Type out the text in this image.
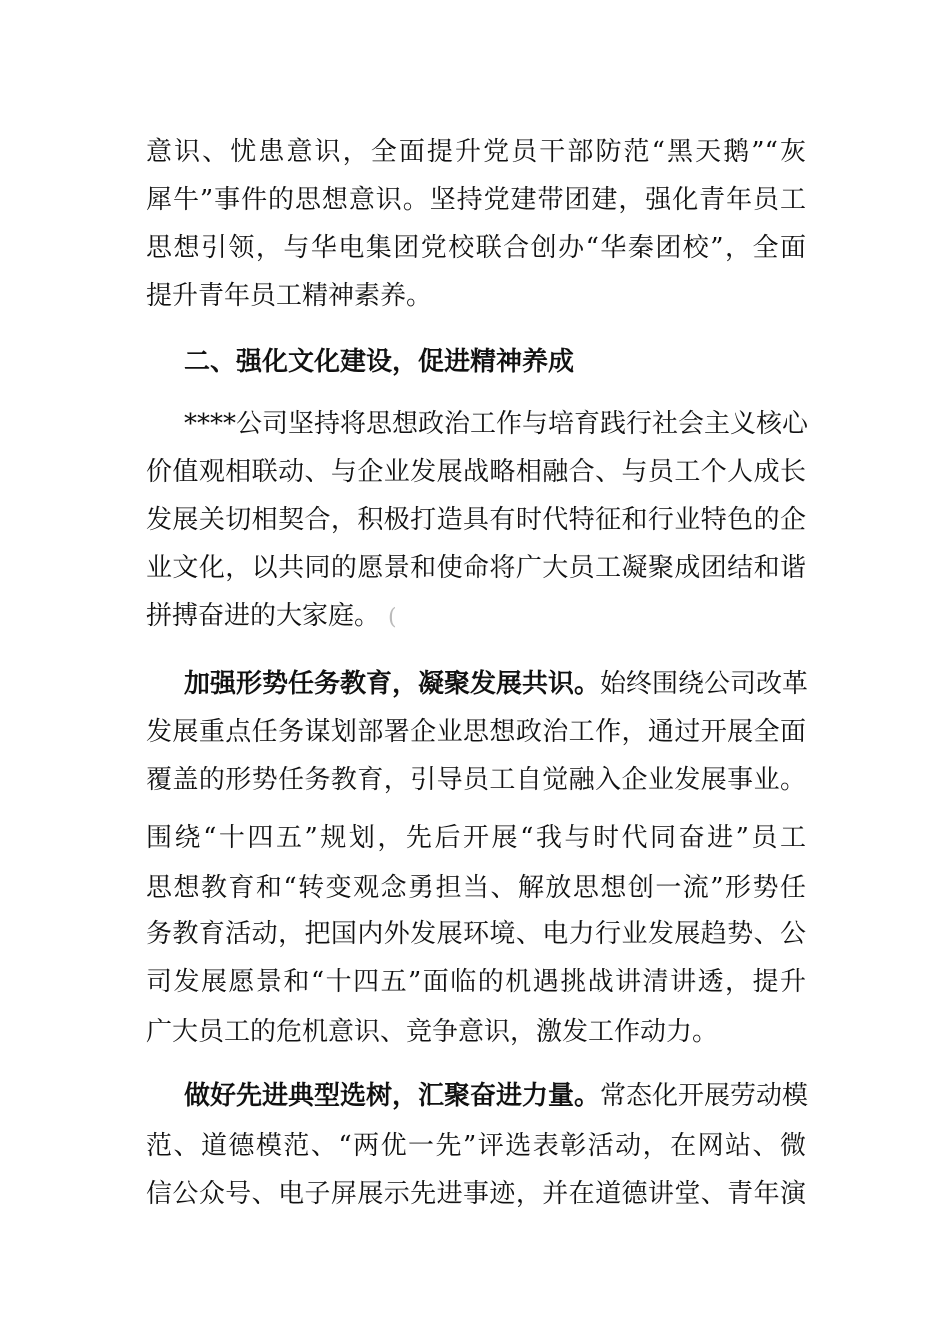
意识、忧患意识，全面提升党员干部防范“黑天鹅”“灰
犀牛”事件的思想意识。坚持党建带团建，强化青年员工
思想引领，与华电集团党校联合创办“华秦团校”，全面
提升青年员工精神素养。
二、强化文化建设，促进精神养成
****公司坚持将思想政治工作与培育践行社会主义核心
价值观相联动、与企业发展战略相融合、与员工个人成长
发展关切相契合，积极打造具有时代特征和行业特色的企
业文化，以共同的愿景和使命将广大员工凝聚成团结和谐
拼搏奋进的大家庭。 (
加强形势任务教育，凝聚发展共识。始终围绕公司改革
发展重点任务谋划部署企业思想政治工作，通过开展全面
覆盖的形势任务教育，引导员工自觉融入企业发展事业。
围绕“十四五”规划，先后开展“我与时代同奋进”员工
思想教育和“转变观念勇担当、解放思想创一流”形势任
务教育活动，把国内外发展环境、电力行业发展趋势、公
司发展愿景和“十四五”面临的机遇挑战讲清讲透，提升
广大员工的危机意识、竞争意识，激发工作动力。
做好先进典型选树，汇聚奋进力量。常态化开展劳动模
范、道德模范、“两优一先”评选表彰活动，在网站、微
信公众号、电子屏展示先进事迹，并在道德讲堂、青年演
